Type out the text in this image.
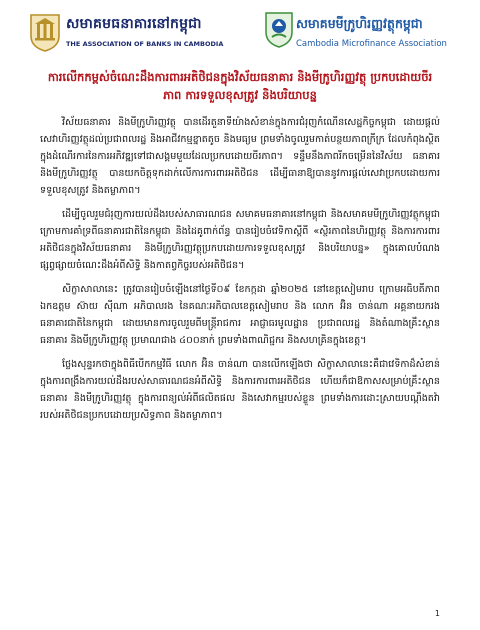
សមាគមធនាគារនៅកម្ពុជា
THE ASSOCIATION OF BANKS IN CAMBODIA
សមាគមមីក្រូហិរញ្ញវត្ថុកម្ពុជា
Cambodia Microfinance Association
ការលើកកម្ពស់ចំណេះដឹងការពារអតិថិជនក្នុងវិស័យធនាគារ និងមីក្រូហិរញ្ញវត្ថុ ប្រកបដោយចីរភាព ការទទួលខុសត្រូវ និងបរិយាបន្ន

វិស័យធនាគារ និងមីក្រូហិរញ្ញវត្ថុ បានដើរតួនាទីយ៉ាងសំខាន់ក្នុងការជំរុញកំណើនសេដ្ឋកិច្ចកម្ពុជា ដោយផ្តល់សេវាហិរញ្ញវត្ថុដល់ប្រជាពលរដ្ឋ និងអាជីវកម្មខ្នាតតូច និងមធ្យម ព្រមទាំងចូលរួមកាត់បន្ថយភាពក្រីក្រ ដែលកំពុងស្ថិតក្នុងដំណើរការនៃការអភិវឌ្ឍទៅជាសង្គមមួយដែលប្រកបដោយចីរភាព។ ទន្ទឹមនឹងភាពរីកចម្រើននៃវិស័យ ធនាគារ និងមីក្រូហិរញ្ញវត្ថុ បានយកចិត្តទុកដាក់លើការការពារអតិថិជន ដើម្បីធានាឱ្យបាននូវការផ្តល់សេវាប្រកបដោយការទទួលខុសត្រូវ និងតម្លាភាព។

ដើម្បីចូលរួមជំរុញការយល់ដឹងរបស់សាធារណជន សមាគមធនាគារនៅកម្ពុជា និងសមាគមមីក្រូហិរញ្ញវត្ថុកម្ពុជា ក្រោមការគាំទ្រពីធនាគារជាតិនៃកម្ពុជា និងដៃគូពាក់ព័ន្ធ បានរៀបចំវេទិកាស្តីពី «ស្ថិរភាពនៃហិរញ្ញវត្ថុ និងការការពារអតិថិជនក្នុងវិស័យធនាគារ និងមីក្រូហិរញ្ញវត្ថុប្រកបដោយការទទួលខុសត្រូវ និងបរិយាបន្ន» ក្នុងគោលបំណងផ្សព្វផ្សាយចំណេះដឹងអំពីសិទ្ធិ និងកាតព្វកិច្ចរបស់អតិថិជន។

សិក្ខាសាលានេះ ត្រូវបានរៀបចំឡើងនៅថ្ងៃទី០៩ ខែកក្កដា ឆ្នាំ២០២៥ នៅខេត្តសៀមរាប ក្រោមអធិបតីភាព ឯកឧត្តម ស៊ាយ ស៊ីណា អភិបាលរង នៃគណៈអភិបាលខេត្តសៀមរាប និង លោក អ៊ិន ចាន់ណា អគ្គនាយករងធនាគារជាតិនៃកម្ពុជា ដោយមានការចូលរួមពីមន្ត្រីរាជការ អាជ្ញាធរមូលដ្ឋាន ប្រជាពលរដ្ឋ និងតំណាងគ្រឹះស្ថានធនាគារ និងមីក្រូហិរញ្ញវត្ថុ ប្រមាណជាង ៤០០នាក់ ព្រមទាំងពាណិជ្ជករ និងសហគ្រិនក្នុងខេត្ត។

ថ្លែងសុន្ទរកថាក្នុងពិធីបើកកម្មវិធី លោក អ៊ិន ចាន់ណា បានលើកឡើងថា សិក្ខាសាលានេះគឺជាវេទិកាដ៏សំខាន់ក្នុងការពង្រឹងការយល់ដឹងរបស់សាធារណជនអំពីសិទ្ធិ និងការការពារអតិថិជន ហើយក៏ជាឱកាសសម្រាប់គ្រឹះស្ថានធនាគារ និងមីក្រូហិរញ្ញវត្ថុ ក្នុងការពន្យល់អំពីផលិតផល និងសេវាកម្មរបស់ខ្លួន ព្រមទាំងការដោះស្រាយបណ្តឹងតវ៉ារបស់អតិថិជនប្រកបដោយប្រសិទ្ធភាព និងតម្លាភាព។

1
